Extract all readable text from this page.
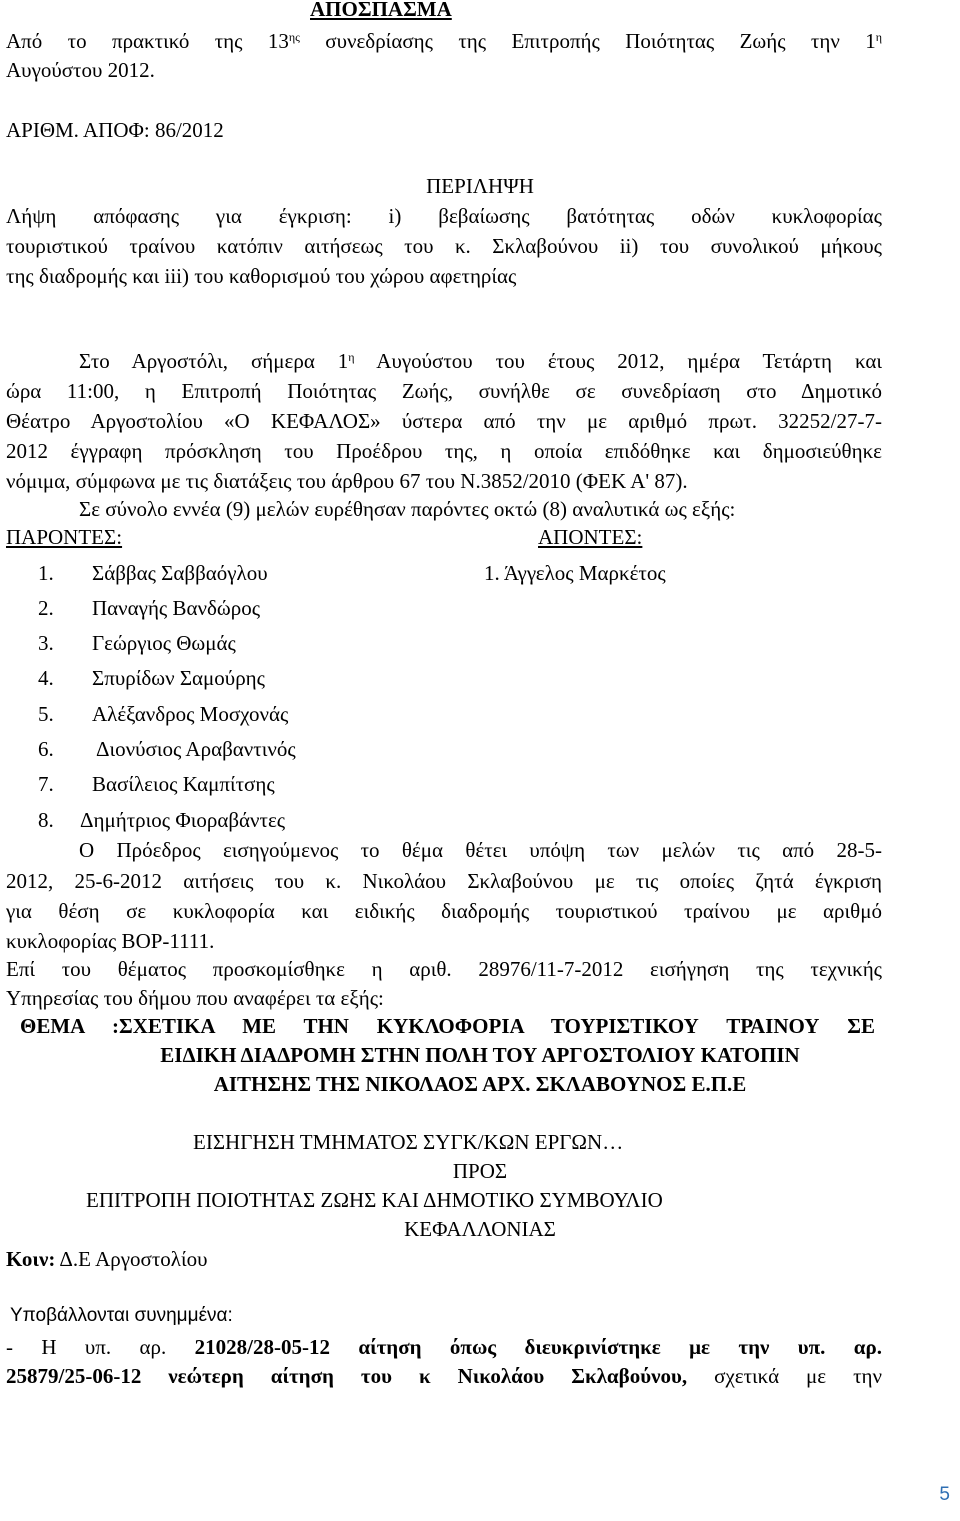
ΑΠΟΣΠΑΣΜΑ
Από το πρακτικό της $13^{\eta\varsigma}$ συνεδρίασης της Επιτροπής Ποιότητας Ζωής την $1^\eta$
Αυγούστου 2012.
ΑΡΙΘΜ. ΑΠΟΦ: 86/2012
ΠΕΡΙΛΗΨΗ
Λήψη απόφασης για έγκριση: i) βεβαίωσης βατότητας οδών κυκλοφορίας
τουριστικού τραίνου κατόπιν αιτήσεως του κ. Σκλαβούνου ii) του συνολικού μήκους
της διαδρομής και iii) του καθορισμού του χώρου αφετηρίας
Στο Αργοστόλι, σήμερα $1^\eta$ Αυγούστου του έτους 2012, ημέρα Τετάρτη και
ώρα 11:00, η Επιτροπή Ποιότητας Ζωής, συνήλθε σε συνεδρίαση στο Δημοτικό
Θέατρο Αργοστολίου «Ο ΚΕΦΑΛΟΣ» ύστερα από την με αριθμό πρωτ. 32252/27-7-
2012 έγγραφη πρόσκληση του Προέδρου της, η οποία επιδόθηκε και δημοσιεύθηκε
νόμιμα, σύμφωνα με τις διατάξεις του άρθρου 67 του Ν.3852/2010 (ΦΕΚ Α' 87).
Σε σύνολο εννέα (9) μελών ευρέθησαν παρόντες οκτώ (8) αναλυτικά ως εξής:
ΠΑΡΟΝΤΕΣ:	ΑΠΟΝΤΕΣ:
1. Σάββας Σαββαόγλου
2. Παναγής Βανδώρος
3. Γεώργιος Θωμάς
4. Σπυρίδων Σαμούρης
5. Αλέξανδρος Μοσχονάς
6. Διονύσιος Αραβαντινός
7. Βασίλειος Καμπίτσης
8. Δημήτριος Φιοραβάντες
1. Άγγελος Μαρκέτος
Ο Πρόεδρος εισηγούμενος το θέμα θέτει υπόψη των μελών τις από 28-5-
2012, 25-6-2012 αιτήσεις του κ. Νικολάου Σκλαβούνου με τις οποίες ζητά έγκριση
για θέση σε κυκλοφορία και ειδικής διαδρομής τουριστικού τραίνου με αριθμό
κυκλοφορίας ΒΟΡ-1111.
Επί του θέματος προσκομίσθηκε η αριθ. 28976/11-7-2012 εισήγηση της τεχνικής
Υπηρεσίας του δήμου που αναφέρει τα εξής:
ΘΕΜΑ :ΣΧΕΤΙΚΑ ΜΕ ΤΗΝ ΚΥΚΛΟΦΟΡΙΑ ΤΟΥΡΙΣΤΙΚΟΥ ΤΡΑΙΝΟΥ ΣΕ
ΕΙΔΙΚΗ ΔΙΑΔΡΟΜΗ ΣΤΗΝ ΠΟΛΗ ΤΟΥ ΑΡΓΟΣΤΟΛΙΟΥ ΚΑΤΟΠΙΝ
ΑΙΤΗΣΗΣ ΤΗΣ ΝΙΚΟΛΑΟΣ ΑΡΧ. ΣΚΛΑΒΟΥΝΟΣ Ε.Π.Ε
ΕΙΣΗΓΗΣΗ ΤΜΗΜΑΤΟΣ ΣΥΓΚ/ΚΩΝ ΕΡΓΩΝ…
ΠΡΟΣ
ΕΠΙΤΡΟΠΗ ΠΟΙΟΤΗΤΑΣ ΖΩΗΣ ΚΑΙ ΔΗΜΟΤΙΚΟ ΣΥΜΒΟΥΛΙΟ
ΚΕΦΑΛΛΟΝΙΑΣ
Κοιν: Δ.Ε Αργοστολίου
Υποβάλλονται συνημμένα:
- Η υπ. αρ. 21028/28-05-12 αίτηση όπως διευκρινίστηκε με την υπ. αρ.
25879/25-06-12 νεώτερη αίτηση του κ Νικολάου Σκλαβούνου, σχετικά με την
5
